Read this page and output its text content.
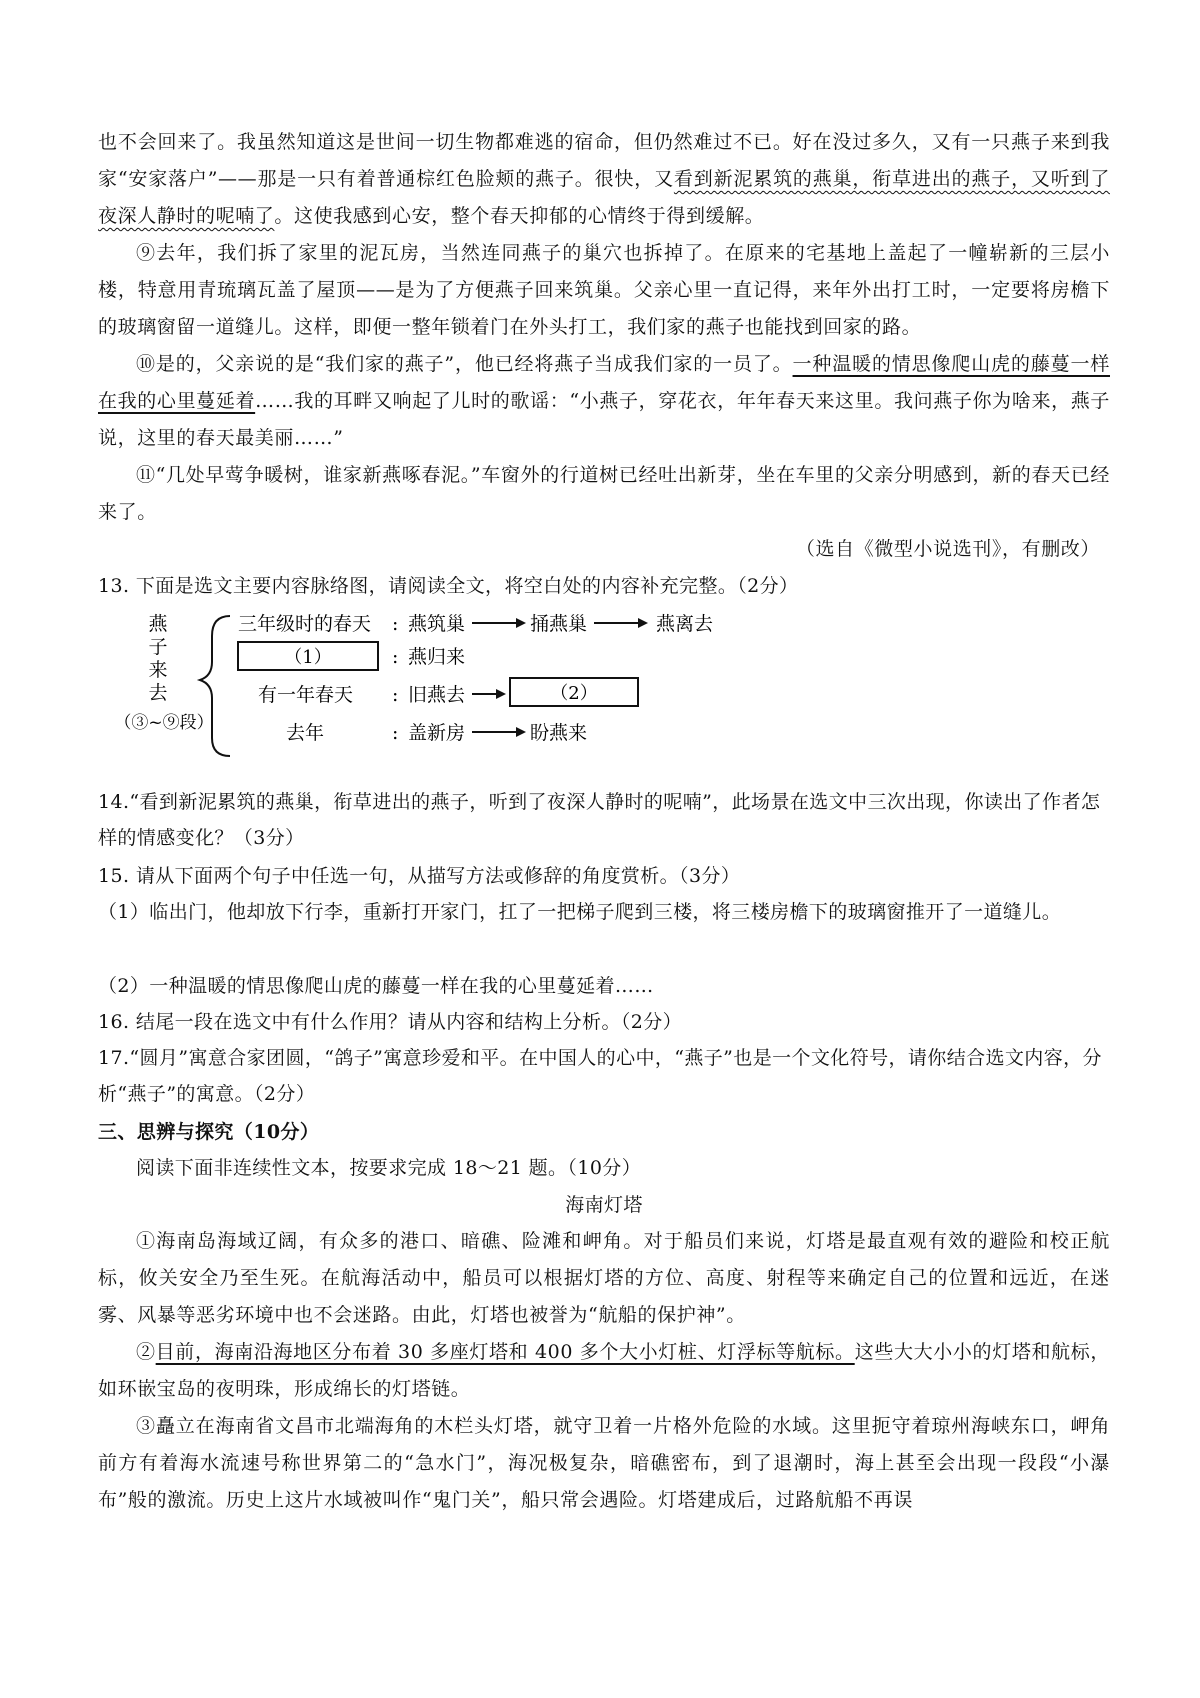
也不会回来了。我虽然知道这是世间一切生物都难逃的宿命，但仍然难过不已。好在没过多久，又有一只燕子来到我家“安家落户”——那是一只有着普通棕红色脸颊的燕子。很快，又看到新泥累筑的燕巢，衔草进出的燕子，又听到了夜深人静时的呢喃了。这使我感到心安，整个春天抑郁的心情终于得到缓解。
⑨去年，我们拆了家里的泥瓦房，当然连同燕子的巢穴也拆掉了。在原来的宅基地上盖起了一幢崭新的三层小楼，特意用青琉璃瓦盖了屋顶——是为了方便燕子回来筑巢。父亲心里一直记得，来年外出打工时，一定要将房檐下的玻璃窗留一道缝儿。这样，即便一整年锁着门在外头打工，我们家的燕子也能找到回家的路。
⑩是的，父亲说的是“我们家的燕子”，他已经将燕子当成我们家的一员了。一种温暖的情思像爬山虎的藤蔓一样在我的心里蔓延着……我的耳畔又响起了儿时的歌谣：“小燕子，穿花衣，年年春天来这里。我问燕子你为啥来，燕子说，这里的春天最美丽……”
⑪“几处早莺争暖树，谁家新燕啄春泥。”车窗外的行道树已经吐出新芽，坐在车里的父亲分明感到，新的春天已经来了。
（选自《微型小说选刊》，有删改）
13. 下面是选文主要内容脉络图，请阅读全文，将空白处的内容补充完整。（2分）
燕
子
来
去
（③~⑨段）
三年级时的春天 : 燕筑巢	捅燕巢	燕离去
（1）	: 燕归来
有一年春天 : 旧燕去	（2）
去年	: 盖新房	盼燕来
14.“看到新泥累筑的燕巢，衔草进出的燕子，听到了夜深人静时的呢喃”，此场景在选文中三次出现，你读出了作者怎样的情感变化？（3分）
15. 请从下面两个句子中任选一句，从描写方法或修辞的角度赏析。（3分）
（1）临出门，他却放下行李，重新打开家门，扛了一把梯子爬到三楼，将三楼房檐下的玻璃窗推开了一道缝儿。
（2）一种温暖的情思像爬山虎的藤蔓一样在我的心里蔓延着……
16. 结尾一段在选文中有什么作用？请从内容和结构上分析。（2分）
17.“圆月”寓意合家团圆，“鸽子”寓意珍爱和平。在中国人的心中，“燕子”也是一个文化符号，请你结合选文内容，分析“燕子”的寓意。（2分）
三、思辨与探究（10分）
阅读下面非连续性文本，按要求完成 18～21 题。（10分）
海南灯塔
①海南岛海域辽阔，有众多的港口、暗礁、险滩和岬角。对于船员们来说，灯塔是最直观有效的避险和校正航标，攸关安全乃至生死。在航海活动中，船员可以根据灯塔的方位、高度、射程等来确定自己的位置和远近，在迷雾、风暴等恶劣环境中也不会迷路。由此，灯塔也被誉为“航船的保护神”。
②目前，海南沿海地区分布着 30 多座灯塔和 400 多个大小灯桩、灯浮标等航标。这些大大小小的灯塔和航标，如环嵌宝岛的夜明珠，形成绵长的灯塔链。
③矗立在海南省文昌市北端海角的木栏头灯塔，就守卫着一片格外危险的水域。这里扼守着琼州海峡东口，岬角前方有着海水流速号称世界第二的“急水门”，海况极复杂，暗礁密布，到了退潮时，海上甚至会出现一段段“小瀑布”般的激流。历史上这片水域被叫作“鬼门关”，船只常会遇险。灯塔建成后，过路航船不再误
